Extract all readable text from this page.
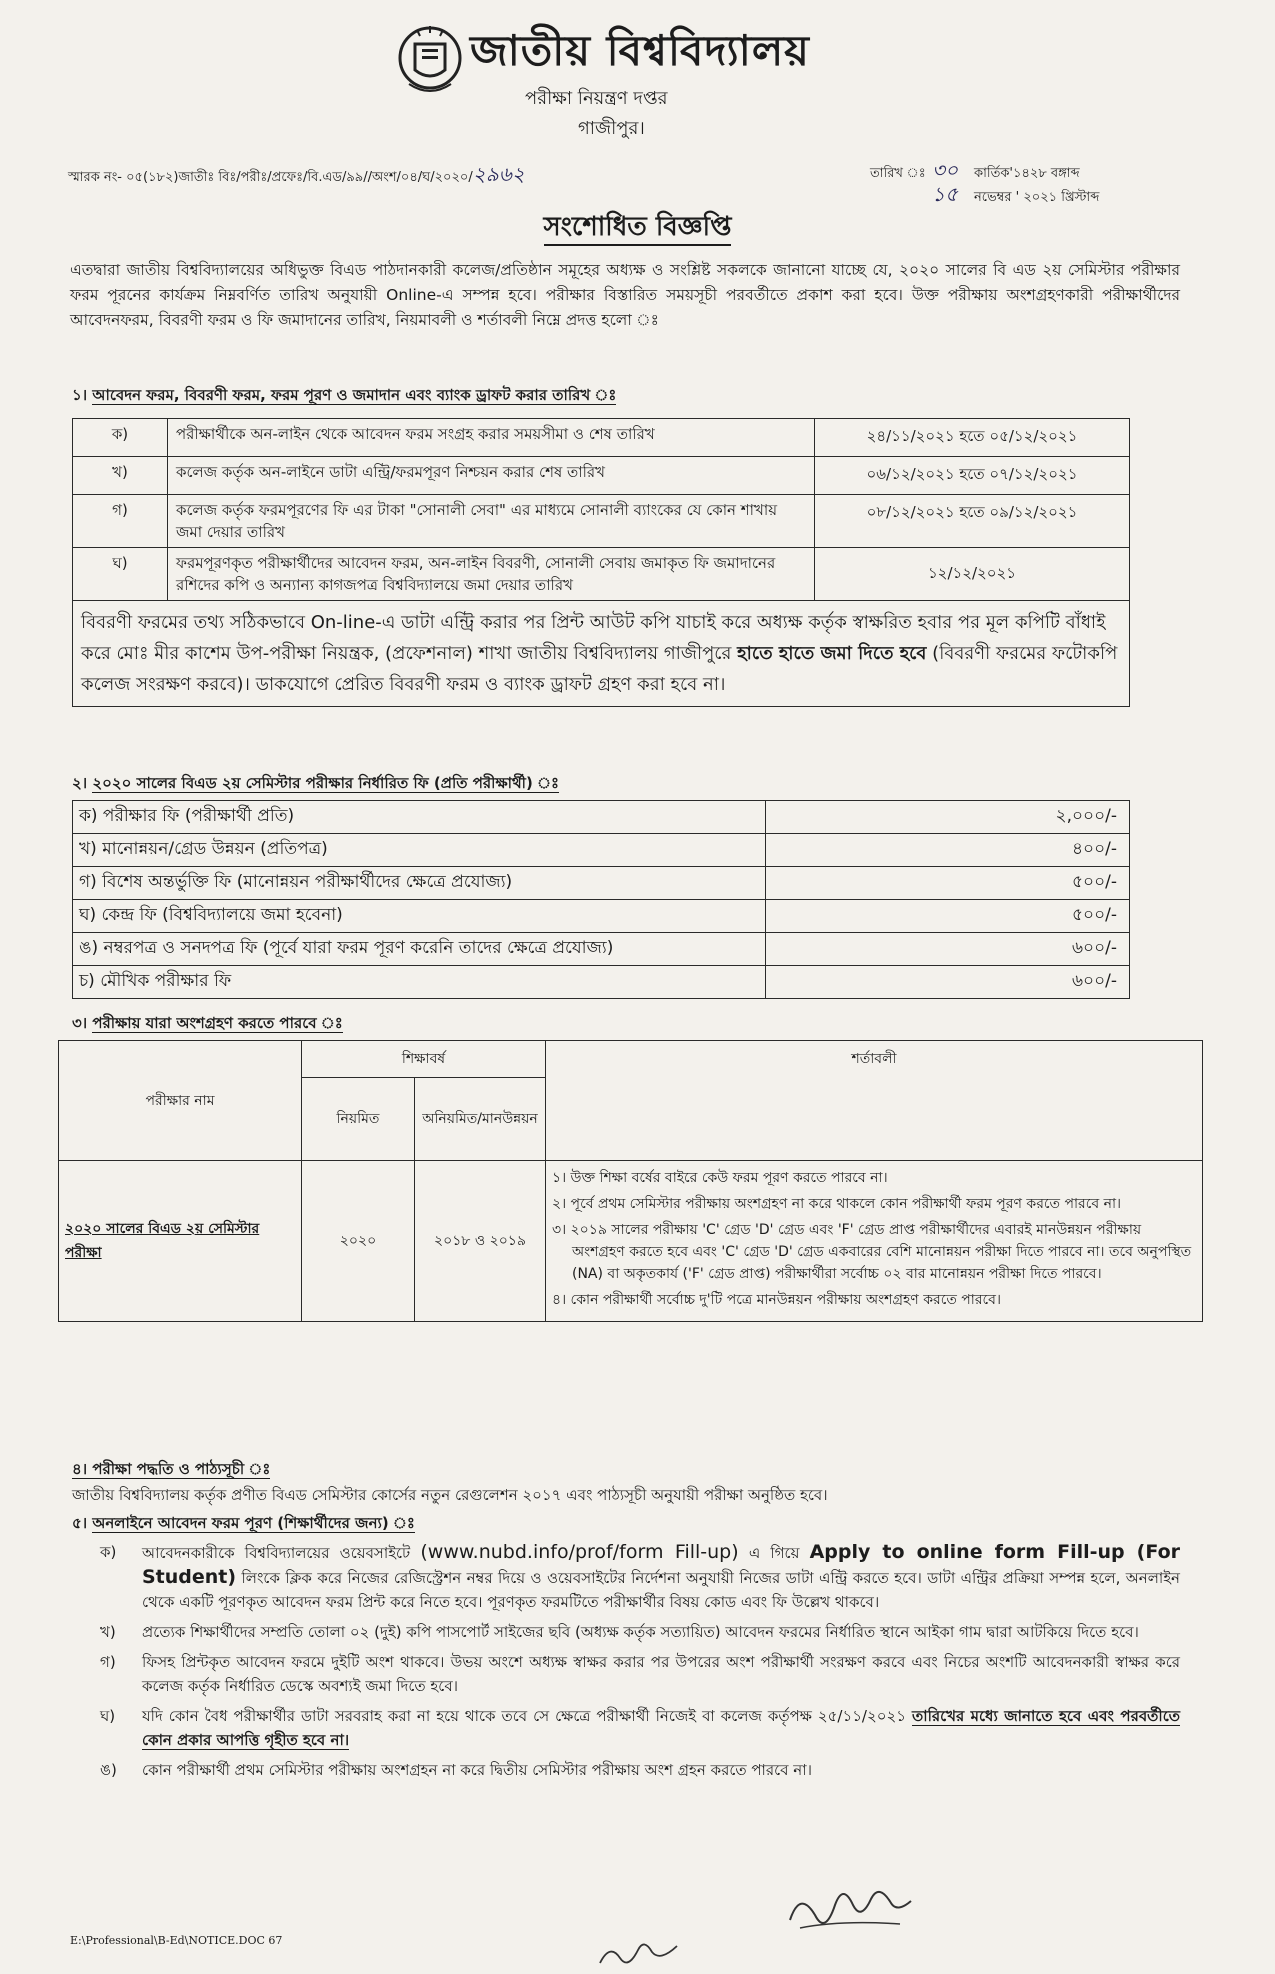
জাতীয় বিশ্ববিদ্যালয়
পরীক্ষা নিয়ন্ত্রণ দপ্তর
গাজীপুর।
স্মারক নং- ০৫(১৮২)জাতীঃ বিঃ/পরীঃ/প্রফেঃ/বি.এড/৯৯//অংশ/০৪/ঘ/২০২০/২৯৬২	তারিখ ঃ ৩০	কার্তিক'১৪২৮ বঙ্গাব্দ
১৫	নভেম্বর ' ২০২১ খ্রিস্টাব্দ
সংশোধিত বিজ্ঞপ্তি
এতদ্বারা জাতীয় বিশ্ববিদ্যালয়ের অধিভুক্ত বিএড পাঠদানকারী কলেজ/প্রতিষ্ঠান সমূহের অধ্যক্ষ ও সংশ্লিষ্ট সকলকে জানানো যাচ্ছে যে, ২০২০ সালের বি এড ২য় সেমিস্টার পরীক্ষার ফরম পূরনের কার্যক্রম নিম্নবর্ণিত তারিখ অনুযায়ী Online-এ সম্পন্ন হবে। পরীক্ষার বিস্তারিত সময়সূচী পরবর্তীতে প্রকাশ করা হবে। উক্ত পরীক্ষায় অংশগ্রহণকারী পরীক্ষার্থীদের আবেদনফরম, বিবরণী ফরম ও ফি জমাদানের তারিখ, নিয়মাবলী ও শর্তাবলী নিম্নে প্রদত্ত হলো ঃ
১। আবেদন ফরম, বিবরণী ফরম, ফরম পূরণ ও জমাদান এবং ব্যাংক ড্রাফট করার তারিখ ঃ
ক)	পরীক্ষার্থীকে অন-লাইন থেকে আবেদন ফরম সংগ্রহ করার সময়সীমা ও শেষ তারিখ	২৪/১১/২০২১ হতে ০৫/১২/২০২১
খ)	কলেজ কর্তৃক অন-লাইনে ডাটা এন্ট্রি/ফরমপূরণ নিশ্চয়ন করার শেষ তারিখ	০৬/১২/২০২১ হতে ০৭/১২/২০২১
গ)	কলেজ কর্তৃক ফরমপূরণের ফি এর টাকা "সোনালী সেবা" এর মাধ্যমে সোনালী ব্যাংকের যে কোন শাখায় জমা দেয়ার তারিখ	০৮/১২/২০২১ হতে ০৯/১২/২০২১
ঘ)	ফরমপূরণকৃত পরীক্ষার্থীদের আবেদন ফরম, অন-লাইন বিবরণী, সোনালী সেবায় জমাকৃত ফি জমাদানের রশিদের কপি ও অন্যান্য কাগজপত্র বিশ্ববিদ্যালয়ে জমা দেয়ার তারিখ	১২/১২/২০২১
বিবরণী ফরমের তথ্য সঠিকভাবে On-line-এ ডাটা এন্ট্রি করার পর প্রিন্ট আউট কপি যাচাই করে অধ্যক্ষ কর্তৃক স্বাক্ষরিত হবার পর মূল কপিটি বাঁধাই করে মোঃ মীর কাশেম উপ-পরীক্ষা নিয়ন্ত্রক, (প্রফেশনাল) শাখা জাতীয় বিশ্ববিদ্যালয় গাজীপুরে হাতে হাতে জমা দিতে হবে (বিবরণী ফরমের ফটোকপি কলেজ সংরক্ষণ করবে)। ডাকযোগে প্রেরিত বিবরণী ফরম ও ব্যাংক ড্রাফট গ্রহণ করা হবে না।		
২। ২০২০ সালের বিএড ২য় সেমিস্টার পরীক্ষার নির্ধারিত ফি (প্রতি পরীক্ষার্থী) ঃ
ক) পরীক্ষার ফি (পরীক্ষার্থী প্রতি)	২,০০০/-
খ) মানোন্নয়ন/গ্রেড উন্নয়ন (প্রতিপত্র)	৪০০/-
গ) বিশেষ অন্তর্ভুক্তি ফি (মানোন্নয়ন পরীক্ষার্থীদের ক্ষেত্রে প্রযোজ্য)	৫০০/-
ঘ) কেন্দ্র ফি (বিশ্ববিদ্যালয়ে জমা হবেনা)	৫০০/-
ঙ) নম্বরপত্র ও সনদপত্র ফি (পূর্বে যারা ফরম পূরণ করেনি তাদের ক্ষেত্রে প্রযোজ্য)	৬০০/-
চ) মৌখিক পরীক্ষার ফি	৬০০/-
৩। পরীক্ষায় যারা অংশগ্রহণ করতে পারবে ঃ
পরীক্ষার নাম	শিক্ষাবর্ষ		শর্তাবলী
	নিয়মিত	অনিয়মিত/মানউন্নয়ন	
২০২০ সালের বিএড ২য় সেমিস্টার পরীক্ষা	২০২০	২০১৮ ও ২০১৯	১। উক্ত শিক্ষা বর্ষের বাইরে কেউ ফরম পূরণ করতে পারবে না।
২। পূর্বে প্রথম সেমিস্টার পরীক্ষায় অংশগ্রহণ না করে থাকলে কোন পরীক্ষার্থী ফরম পূরণ করতে পারবে না।
৩। ২০১৯ সালের পরীক্ষায় 'C' গ্রেড 'D' গ্রেড এবং 'F' গ্রেড প্রাপ্ত পরীক্ষার্থীদের এবারই মানউন্নয়ন পরীক্ষায় অংশগ্রহণ করতে হবে এবং 'C' গ্রেড 'D' গ্রেড একবারের বেশি মানোন্নয়ন পরীক্ষা দিতে পারবে না। তবে অনুপস্থিত (NA) বা অকৃতকার্য ('F' গ্রেড প্রাপ্ত) পরীক্ষার্থীরা সর্বোচ্চ ০২ বার মানোন্নয়ন পরীক্ষা দিতে পারবে।
৪। কোন পরীক্ষার্থী সর্বোচ্চ দু'টি পত্রে মানউন্নয়ন পরীক্ষায় অংশগ্রহণ করতে পারবে।
৪। পরীক্ষা পদ্ধতি ও পাঠ্যসূচী ঃ
জাতীয় বিশ্ববিদ্যালয় কর্তৃক প্রণীত বিএড সেমিস্টার কোর্সের নতুন রেগুলেশন ২০১৭ এবং পাঠ্যসূচী অনুযায়ী পরীক্ষা অনুষ্ঠিত হবে।
৫। অনলাইনে আবেদন ফরম পূরণ (শিক্ষার্থীদের জন্য) ঃ
ক)	আবেদনকারীকে বিশ্ববিদ্যালয়ের ওয়েবসাইটে (www.nubd.info/prof/form Fill-up) এ গিয়ে Apply to online form Fill-up (For Student) লিংকে ক্লিক করে নিজের রেজিস্ট্রেশন নম্বর দিয়ে ও ওয়েবসাইটের নির্দেশনা অনুযায়ী নিজের ডাটা এন্ট্রি করতে হবে। ডাটা এন্ট্রির প্রক্রিয়া সম্পন্ন হলে, অনলাইন থেকে একটি পূরণকৃত আবেদন ফরম প্রিন্ট করে নিতে হবে। পূরণকৃত ফরমটিতে পরীক্ষার্থীর বিষয় কোড এবং ফি উল্লেখ থাকবে।
খ)	প্রত্যেক শিক্ষার্থীদের সম্প্রতি তোলা ০২ (দুই) কপি পাসপোর্ট সাইজের ছবি (অধ্যক্ষ কর্তৃক সত্যায়িত) আবেদন ফরমের নির্ধারিত স্থানে আইকা গাম দ্বারা আটকিয়ে দিতে হবে।
গ)	ফিসহ প্রিন্টকৃত আবেদন ফরমে দুইটি অংশ থাকবে। উভয় অংশে অধ্যক্ষ স্বাক্ষর করার পর উপরের অংশ পরীক্ষার্থী সংরক্ষণ করবে এবং নিচের অংশটি আবেদনকারী স্বাক্ষর করে কলেজ কর্তৃক নির্ধারিত ডেস্কে অবশ্যই জমা দিতে হবে।
ঘ)	যদি কোন বৈধ পরীক্ষার্থীর ডাটা সরবরাহ করা না হয়ে থাকে তবে সে ক্ষেত্রে পরীক্ষার্থী নিজেই বা কলেজ কর্তৃপক্ষ ২৫/১১/২০২১ তারিখের মধ্যে জানাতে হবে এবং পরবর্তীতে কোন প্রকার আপত্তি গৃহীত হবে না।
ঙ)	কোন পরীক্ষার্থী প্রথম সেমিস্টার পরীক্ষায় অংশগ্রহন না করে দ্বিতীয় সেমিস্টার পরীক্ষায় অংশ গ্রহন করতে পারবে না।
E:\Professional\B-Ed\NOTICE.DOC 67
